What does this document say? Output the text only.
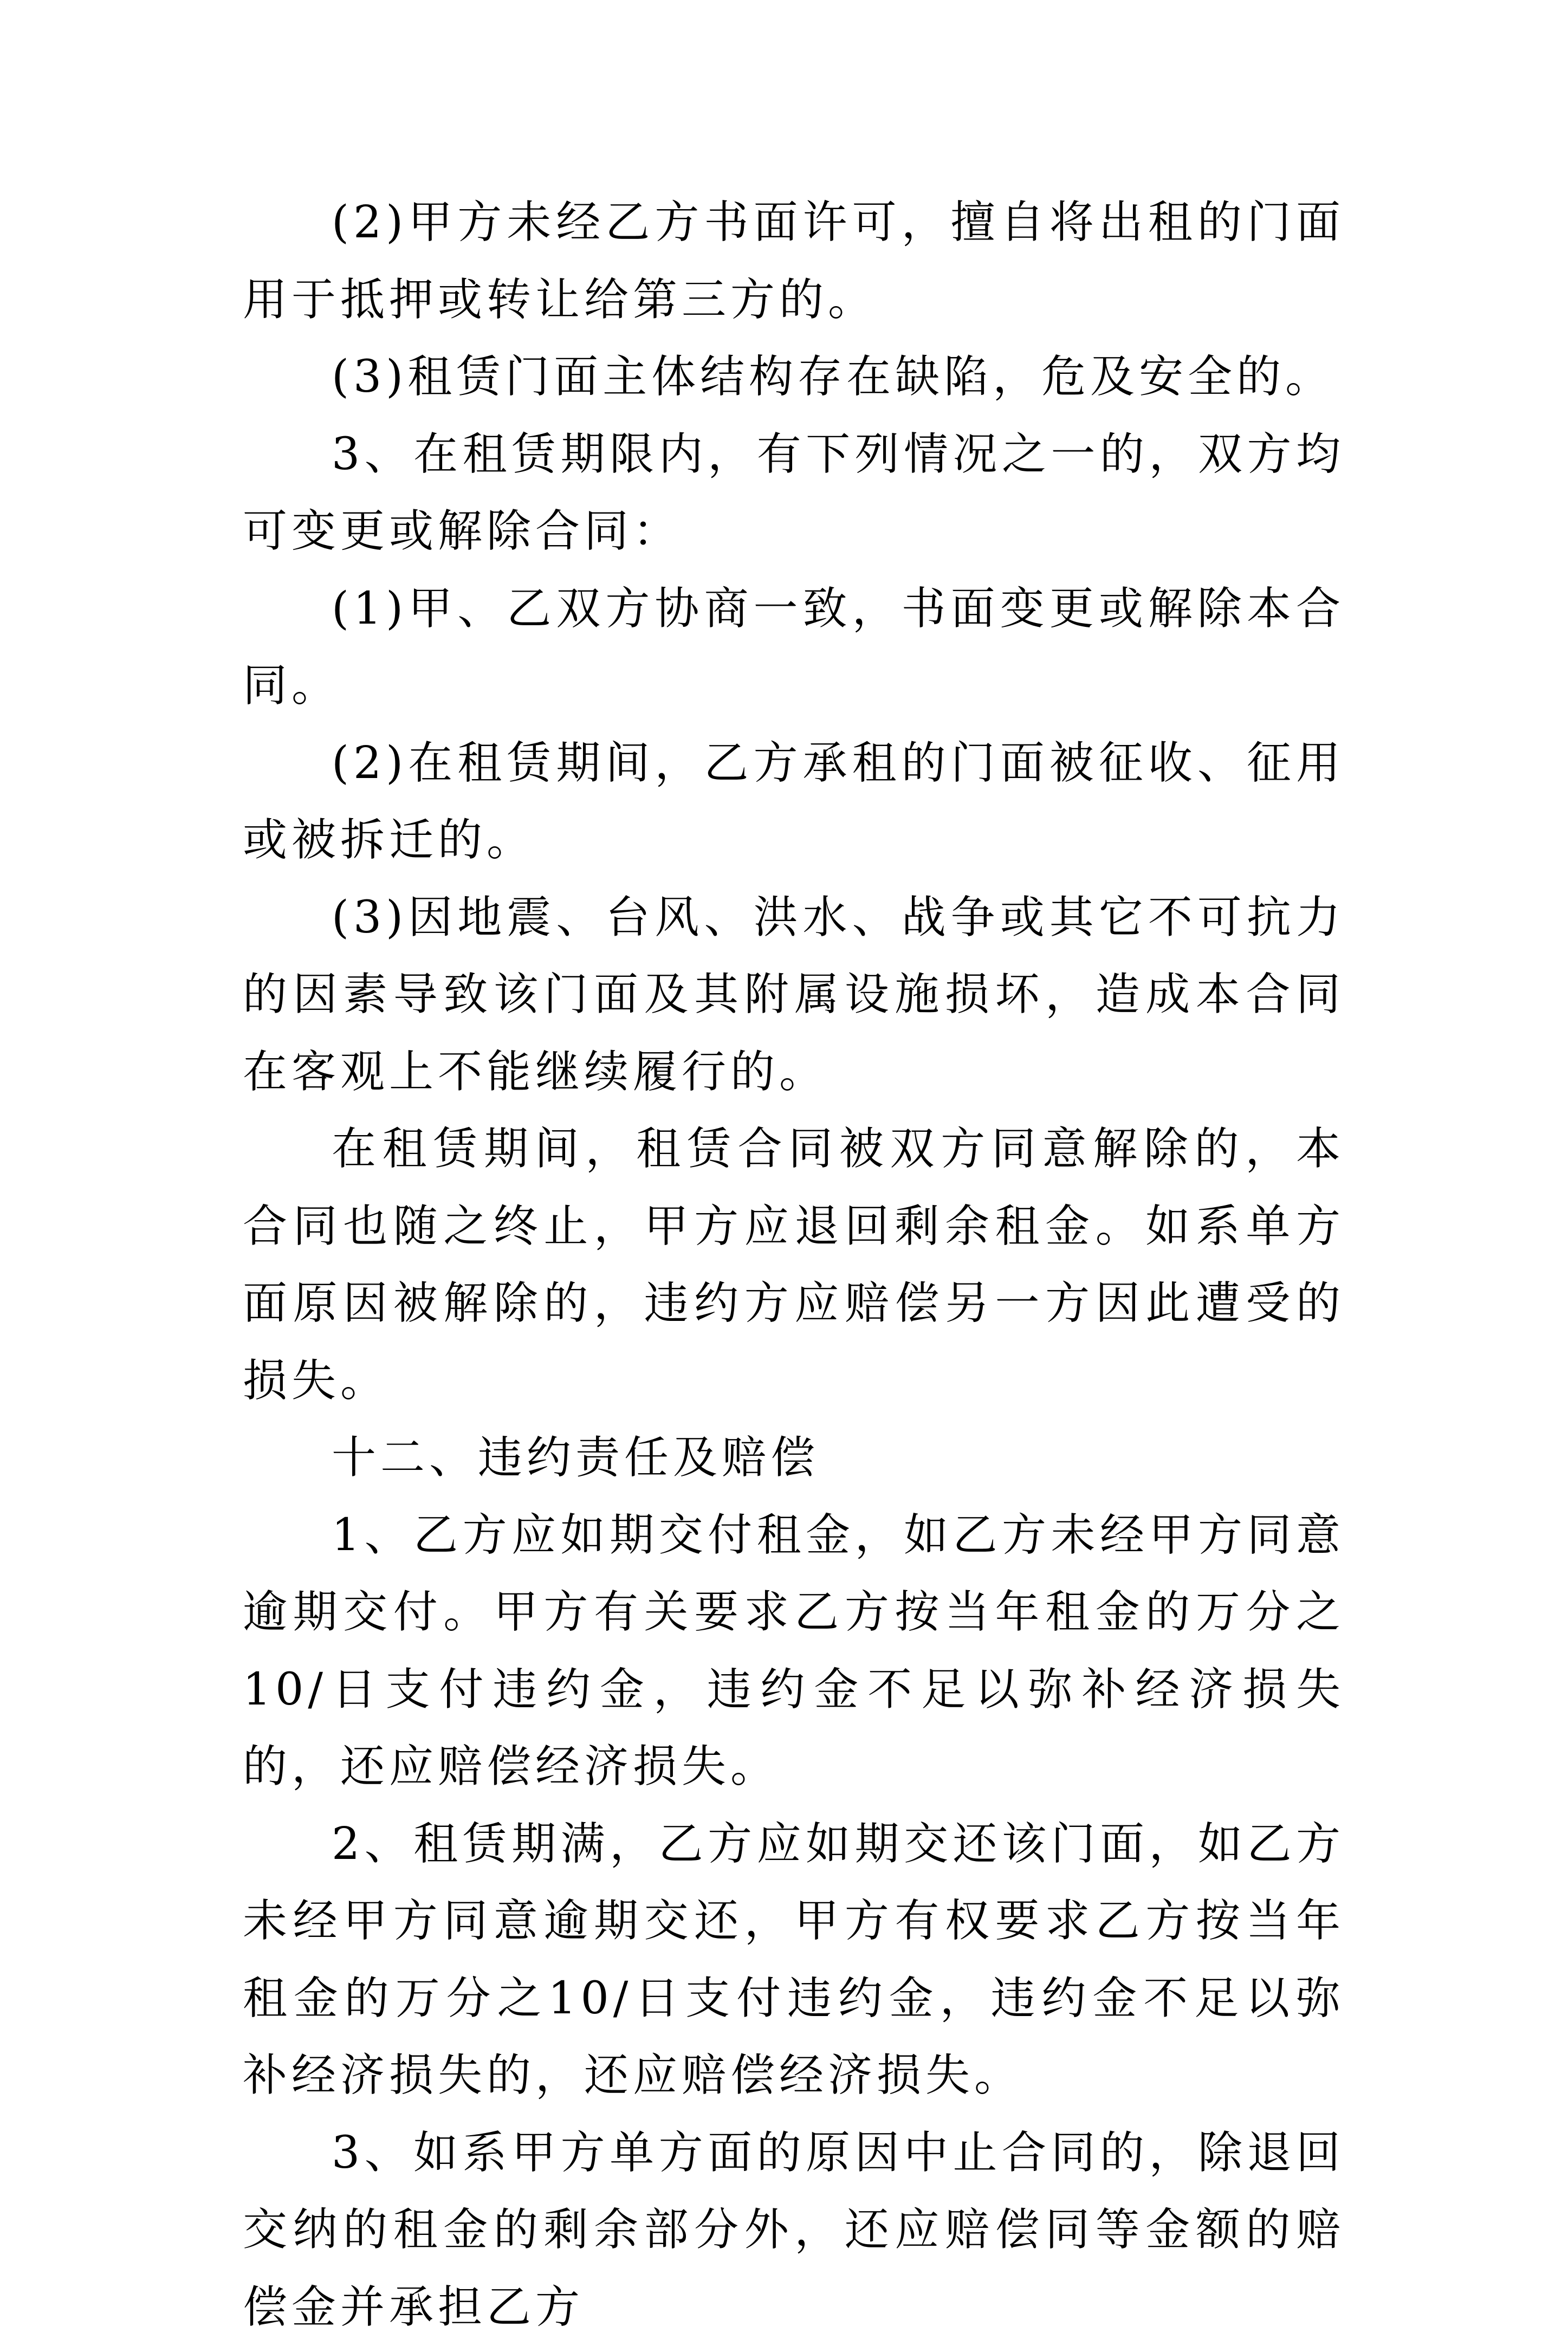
(2)甲方未经乙方书面许可，擅自将出租的门面用于抵押或转让给第三方的。

(3)租赁门面主体结构存在缺陷，危及安全的。

3、在租赁期限内，有下列情况之一的，双方均可变更或解除合同：

(1)甲、乙双方协商一致，书面变更或解除本合同。

(2)在租赁期间，乙方承租的门面被征收、征用或被拆迁的。

(3)因地震、台风、洪水、战争或其它不可抗力的因素导致该门面及其附属设施损坏，造成本合同在客观上不能继续履行的。

在租赁期间，租赁合同被双方同意解除的，本合同也随之终止，甲方应退回剩余租金。如系单方面原因被解除的，违约方应赔偿另一方因此遭受的损失。

十二、违约责任及赔偿

1、乙方应如期交付租金，如乙方未经甲方同意逾期交付。甲方有关要求乙方按当年租金的万分之10/日支付违约金，违约金不足以弥补经济损失的，还应赔偿经济损失。

2、租赁期满，乙方应如期交还该门面，如乙方未经甲方同意逾期交还，甲方有权要求乙方按当年租金的万分之10/日支付违约金，违约金不足以弥补经济损失的，还应赔偿经济损失。

3、如系甲方单方面的原因中止合同的，除退回交纳的租金的剩余部分外，还应赔偿同等金额的赔偿金并承担乙方
